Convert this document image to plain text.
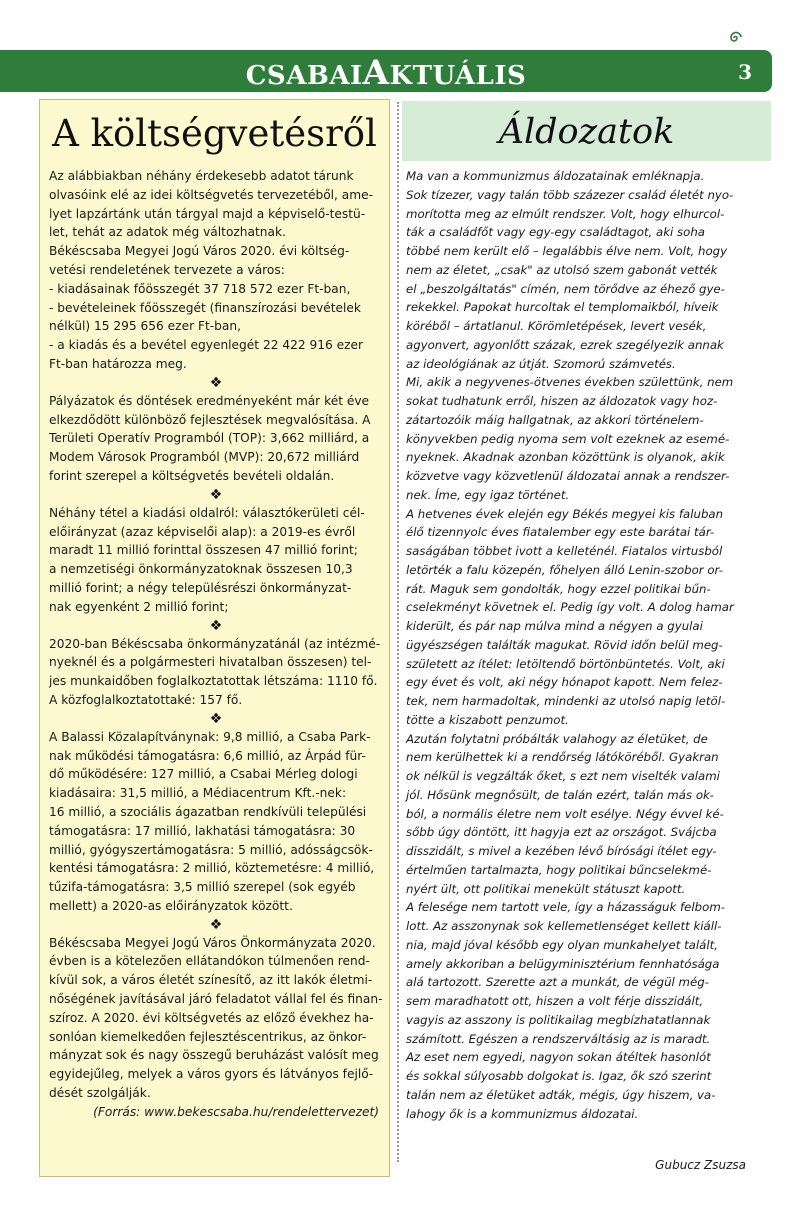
CSABAIAKTUÁLIS	3
A költségvetésről

Az alábbiakban néhány érdekesebb adatot tárunk

olvasóink elé az idei költségvetés tervezetéből, ame-

lyet lapzártánk után tárgyal majd a képviselő-testü-

let, tehát az adatok még változhatnak.

Békéscsaba Megyei Jogú Város 2020. évi költség-

vetési rendeletének tervezete a város:

- kiadásainak főösszegét 37 718 572 ezer Ft-ban,

- bevételeinek főösszegét (finanszírozási bevételek

nélkül) 15 295 656 ezer Ft-ban,

- a kiadás és a bevétel egyenlegét 22 422 916 ezer

Ft-ban határozza meg.

❖

Pályázatok és döntések eredményeként már két éve

elkezdődött különböző fejlesztések megvalósítása. A

Területi Operatív Programból (TOP): 3,662 milliárd, a

Modem Városok Programból (MVP): 20,672 milliárd

forint szerepel a költségvetés bevételi oldalán.

❖

Néhány tétel a kiadási oldalról: választókerületi cél-

előirányzat (azaz képviselői alap): a 2019-es évről

maradt 11 millió forinttal összesen 47 millió forint;

a nemzetiségi önkormányzatoknak összesen 10,3

millió forint; a négy településrészi önkormányzat-

nak egyenként 2 millió forint;

❖

2020-ban Békéscsaba önkormányzatánál (az intézmé-

nyeknél és a polgármesteri hivatalban összesen) tel-

jes munkaidőben foglalkoztatottak létszáma: 1110 fő.

A közfoglalkoztatottaké: 157 fő.

❖

A Balassi Közalapítványnak: 9,8 millió, a Csaba Park-

nak működési támogatásra: 6,6 millió, az Árpád für-

dő működésére: 127 millió, a Csabai Mérleg dologi

kiadásaira: 31,5 millió, a Médiacentrum Kft.-nek:

16 millió, a szociális ágazatban rendkívüli települési

támogatásra: 17 millió, lakhatási támogatásra: 30

millió, gyógyszertámogatásra: 5 millió, adósságcsök-

kentési támogatásra: 2 millió, köztemetésre: 4 millió,

tűzifa-támogatásra: 3,5 millió szerepel (sok egyéb

mellett) a 2020-as előirányzatok között.

❖

Békéscsaba Megyei Jogú Város Önkormányzata 2020.

évben is a kötelezően ellátandókon túlmenően rend-

kívül sok, a város életét színesítő, az itt lakók életmi-

nőségének javításával járó feladatot vállal fel és finan-

szíroz. A 2020. évi költségvetés az előző évekhez ha-

sonlóan kiemelkedően fejlesztéscentrikus, az önkor-

mányzat sok és nagy összegű beruházást valósít meg

egyidejűleg, melyek a város gyors és látványos fejlő-

dését szolgálják.

(Forrás: www.bekescsaba.hu/rendelettervezet)

Áldozatok

Ma van a kommunizmus áldozatainak emléknapja.

Sok tízezer, vagy talán több százezer család életét nyo-

morította meg az elmúlt rendszer. Volt, hogy elhurcol-

ták a családfőt vagy egy-egy családtagot, aki soha

többé nem került elő – legalábbis élve nem. Volt, hogy

nem az életet, „csak" az utolsó szem gabonát vették

el „beszolgáltatás" címén, nem törődve az éhező gye-

rekekkel. Papokat hurcoltak el templomaikból, híveik

köréből – ártatlanul. Körömletépések, levert vesék,

agyonvert, agyonlőtt százak, ezrek szegélyezik annak

az ideológiának az útját. Szomorú számvetés.

Mi, akik a negyvenes-ötvenes években születtünk, nem

sokat tudhatunk erről, hiszen az áldozatok vagy hoz-

zátartozóik máig hallgatnak, az akkori történelem-

könyvekben pedig nyoma sem volt ezeknek az esemé-

nyeknek. Akadnak azonban közöttünk is olyanok, akik

közvetve vagy közvetlenül áldozatai annak a rendszer-

nek. Íme, egy igaz történet.

A hetvenes évek elején egy Békés megyei kis faluban

élő tizennyolc éves fiatalember egy este barátai tár-

saságában többet ivott a kelleténél. Fiatalos virtusból

letörték a falu közepén, főhelyen álló Lenin-szobor or-

rát. Maguk sem gondolták, hogy ezzel politikai bűn-

cselekményt követnek el. Pedig így volt. A dolog hamar

kiderült, és pár nap múlva mind a négyen a gyulai

ügyészségen találták magukat. Rövid időn belül meg-

született az ítélet: letöltendő börtönbüntetés. Volt, aki

egy évet és volt, aki négy hónapot kapott. Nem felez-

tek, nem harmadoltak, mindenki az utolsó napig letöl-

tötte a kiszabott penzumot.

Azután folytatni próbálták valahogy az életüket, de

nem kerülhettek ki a rendőrség látóköréből. Gyakran

ok nélkül is vegzálták őket, s ezt nem viselték valami

jól. Hősünk megnősült, de talán ezért, talán más ok-

ból, a normális életre nem volt esélye. Négy évvel ké-

sőbb úgy döntött, itt hagyja ezt az országot. Svájcba

disszidált, s mivel a kezében lévő bírósági ítélet egy-

értelműen tartalmazta, hogy politikai bűncselekmé-

nyért ült, ott politikai menekült státuszt kapott.

A felesége nem tartott vele, így a házasságuk felbom-

lott. Az asszonynak sok kellemetlenséget kellett kiáll-

nia, majd jóval később egy olyan munkahelyet talált,

amely akkoriban a belügyminisztérium fennhatósága

alá tartozott. Szerette azt a munkát, de végül még-

sem maradhatott ott, hiszen a volt férje disszidált,

vagyis az asszony is politikailag megbízhatatlannak

számított. Egészen a rendszerváltásig az is maradt.

Az eset nem egyedi, nagyon sokan átéltek hasonlót

és sokkal súlyosabb dolgokat is. Igaz, ők szó szerint

talán nem az életüket adták, mégis, úgy hiszem, va-

lahogy ők is a kommunizmus áldozatai.

Gubucz Zsuzsa
